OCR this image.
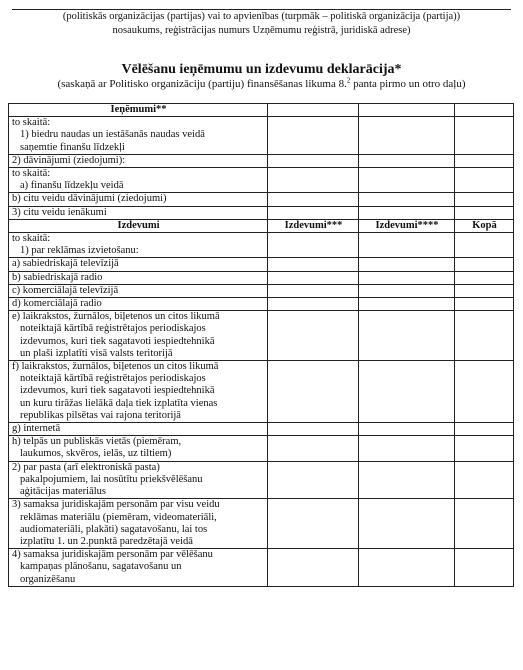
(politiskās organizācijas (partijas) vai to apvienības (turpmāk – politiskā organizācija (partija))
nosaukums, reģistrācijas numurs Uzņēmumu reģistrā, juridiskā adrese)
Vēlēšanu ieņēmumu un izdevumu deklarācija*
(saskaņā ar Politisko organizāciju (partiju) finansēšanas likuma 8.$^2$ panta pirmo un otro daļu)
Ieņēmumi**			

to skaitā:
1) biedru naudas un iestāšanās naudas veidā
saņemtie finanšu līdzekļi			

2) dāvinājumi (ziedojumi):			

to skaitā:
a) finanšu līdzekļu veidā			

b) citu veidu dāvinājumi (ziedojumi)			

3) citu veidu ienākumi			

Izdevumi	Izdevumi***	Izdevumi****	Kopā

to skaitā:
1) par reklāmas izvietošanu:			

a) sabiedriskajā televīzijā			

b) sabiedriskajā radio			

c) komerciālajā televīzijā			

d) komerciālajā radio			

e) laikrakstos, žurnālos, biļetenos un citos likumā
noteiktajā kārtībā reģistrētajos periodiskajos
izdevumos, kuri tiek sagatavoti iespiedtehnikā
un plaši izplatīti visā valsts teritorijā			

f) laikrakstos, žurnālos, biļetenos un citos likumā
noteiktajā kārtībā reģistrētajos periodiskajos
izdevumos, kuri tiek sagatavoti iespiedtehnikā
un kuru tirāžas lielākā daļa tiek izplatīta vienas
republikas pilsētas vai rajona teritorijā			

g) internetā			

h) telpās un publiskās vietās (piemēram,
laukumos, skvēros, ielās, uz tiltiem)			

2) par pasta (arī elektroniskā pasta)
pakalpojumiem, lai nosūtītu priekšvēlēšanu
aģitācijas materiālus			

3) samaksa juridiskajām personām par visu veidu
reklāmas materiālu (piemēram, videomateriāli,
audiomateriāli, plakāti) sagatavošanu, lai tos
izplatītu 1. un 2.punktā paredzētajā veidā			

4) samaksa juridiskajām personām par vēlēšanu
kampaņas plānošanu, sagatavošanu un
organizēšanu			
